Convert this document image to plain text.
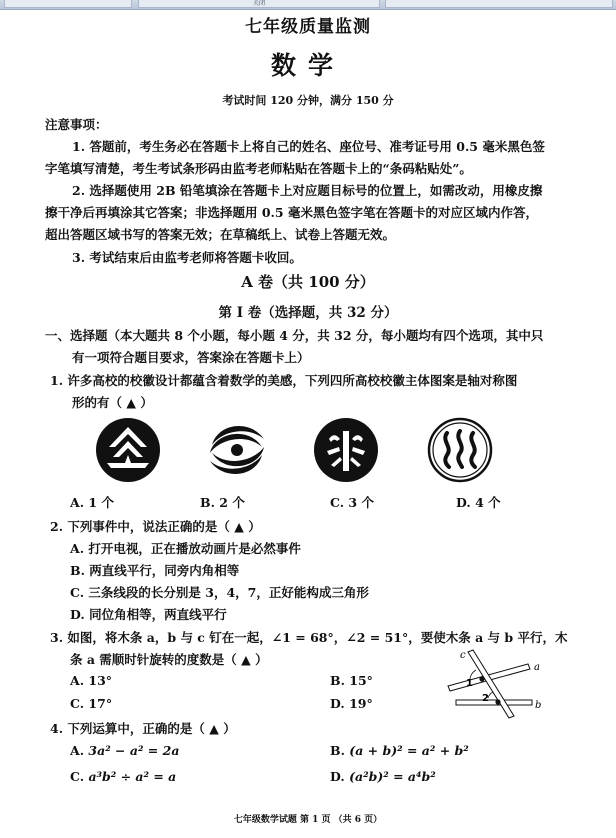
关闭
七年级质量监测
数学
考试时间 120 分钟，满分 150 分
注意事项：
1. 答题前，考生务必在答题卡上将自己的姓名、座位号、准考证号用 0.5 毫米黑色签
字笔填写清楚，考生考试条形码由监考老师粘贴在答题卡上的“条码粘贴处”。
2. 选择题使用 2B 铅笔填涂在答题卡上对应题目标号的位置上，如需改动，用橡皮擦
擦干净后再填涂其它答案；非选择题用 0.5 毫米黑色签字笔在答题卡的对应区域内作答，
超出答题区域书写的答案无效；在草稿纸上、试卷上答题无效。
3. 考试结束后由监考老师将答题卡收回。
A 卷（共 100 分）
第 Ⅰ 卷（选择题，共 32 分）
一、选择题（本大题共 8 个小题，每小题 4 分，共 32 分，每小题均有四个选项，其中只
有一项符合题目要求，答案涂在答题卡上）
1. 许多高校的校徽设计都蕴含着数学的美感，下列四所高校校徽主体图案是轴对称图
形的有（ ▲ ）
A. 1 个	B. 2 个	C. 3 个	D. 4 个
2. 下列事件中，说法正确的是（ ▲ ）
A. 打开电视，正在播放动画片是必然事件
B. 两直线平行，同旁内角相等
C. 三条线段的长分别是 3，4，7，正好能构成三角形
D. 同位角相等，两直线平行
3. 如图，将木条 a，b 与 c 钉在一起，∠1 = 68°，∠2 = 51°，要使木条 a 与 b 平行，木
条 a 需顺时针旋转的度数是（ ▲ ）
A. 13°	B. 15°
C. 17°	D. 19°
c
a
b
1
2
4. 下列运算中，正确的是（ ▲ ）
A. 3a² − a² = 2a	B. (a + b)² = a² + b²
C. a³b² ÷ a² = a	D. (a²b)² = a⁴b²
七年级数学试题 第 1 页 （共 6 页）
